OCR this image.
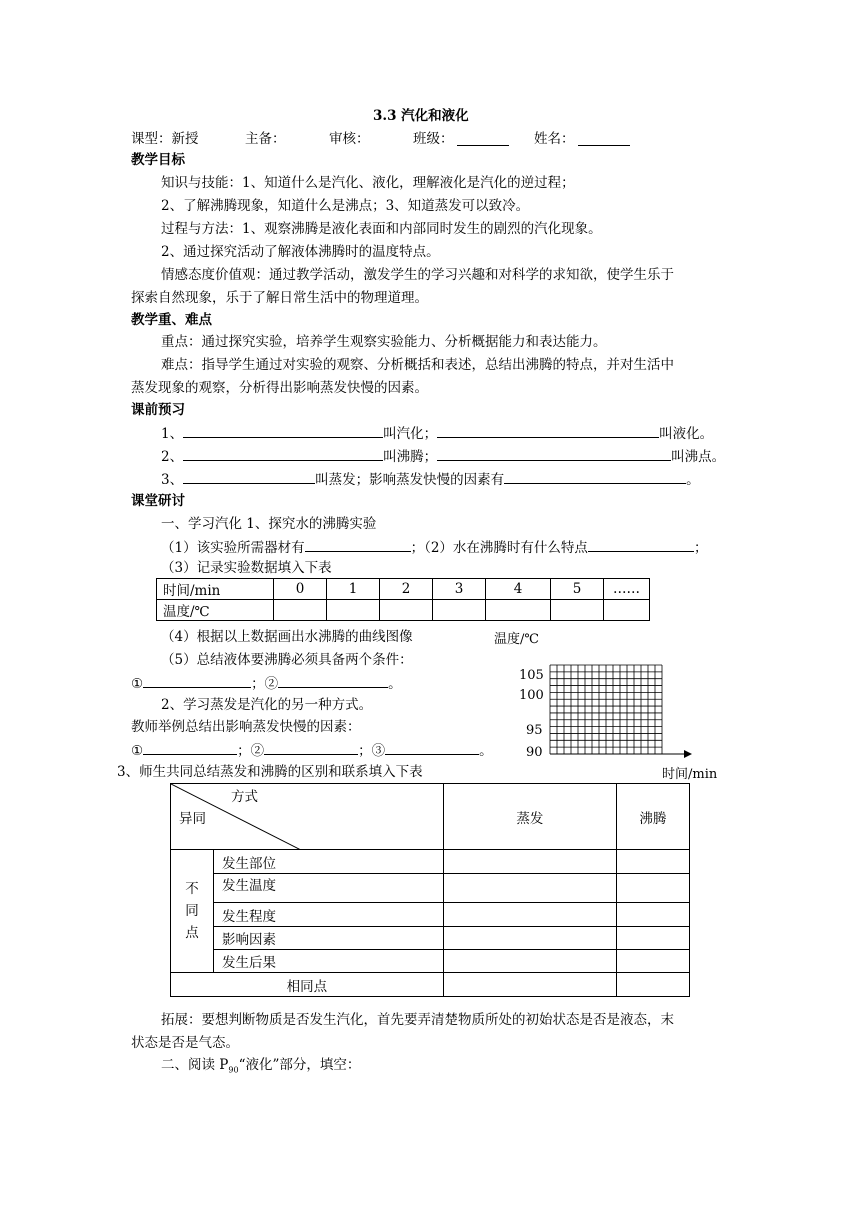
3.3 汽化和液化
课型：新授	主备：	审核：	班级：	姓名：
教学目标
知识与技能：1、知道什么是汽化、液化，理解液化是汽化的逆过程；
2、了解沸腾现象，知道什么是沸点；3、知道蒸发可以致冷。
过程与方法：1、观察沸腾是液化表面和内部同时发生的剧烈的汽化现象。
2、通过探究活动了解液体沸腾时的温度特点。
情感态度价值观：通过教学活动，激发学生的学习兴趣和对科学的求知欲，使学生乐于
探索自然现象，乐于了解日常生活中的物理道理。
教学重、难点
重点：通过探究实验，培养学生观察实验能力、分析概据能力和表达能力。
难点：指导学生通过对实验的观察、分析概括和表述，总结出沸腾的特点，并对生活中
蒸发现象的观察，分析得出影响蒸发快慢的因素。
课前预习
1、	叫汽化；	叫液化。
2、	叫沸腾；	叫沸点。
3、	叫蒸发；影响蒸发快慢的因素有	。
课堂研讨
一、学习汽化 1、探究水的沸腾实验
（1）该实验所需器材有	；（2）水在沸腾时有什么特点	；
（3）记录实验数据填入下表
时间/min	0	1	2	3	4	5	……
温度/℃							
（4）根据以上数据画出水沸腾的曲线图像
（5）总结液体要沸腾必须具备两个条件：
①	；②	。
2、学习蒸发是汽化的另一种方式。
教师举例总结出影响蒸发快慢的因素：
①	；②	；③	。
3、师生共同总结蒸发和沸腾的区别和联系填入下表
温度/℃
时间/min
105
100
95
90
方式
异同		蒸发	沸腾

不
同
点	发生部位		
	发生温度		
	发生程度		
	影响因素		
	发生后果		
相同点			
拓展：要想判断物质是否发生汽化，首先要弄清楚物质所处的初始状态是否是液态，末
状态是否是气态。
二、阅读 $P_{90}“$液化”部分，填空：
